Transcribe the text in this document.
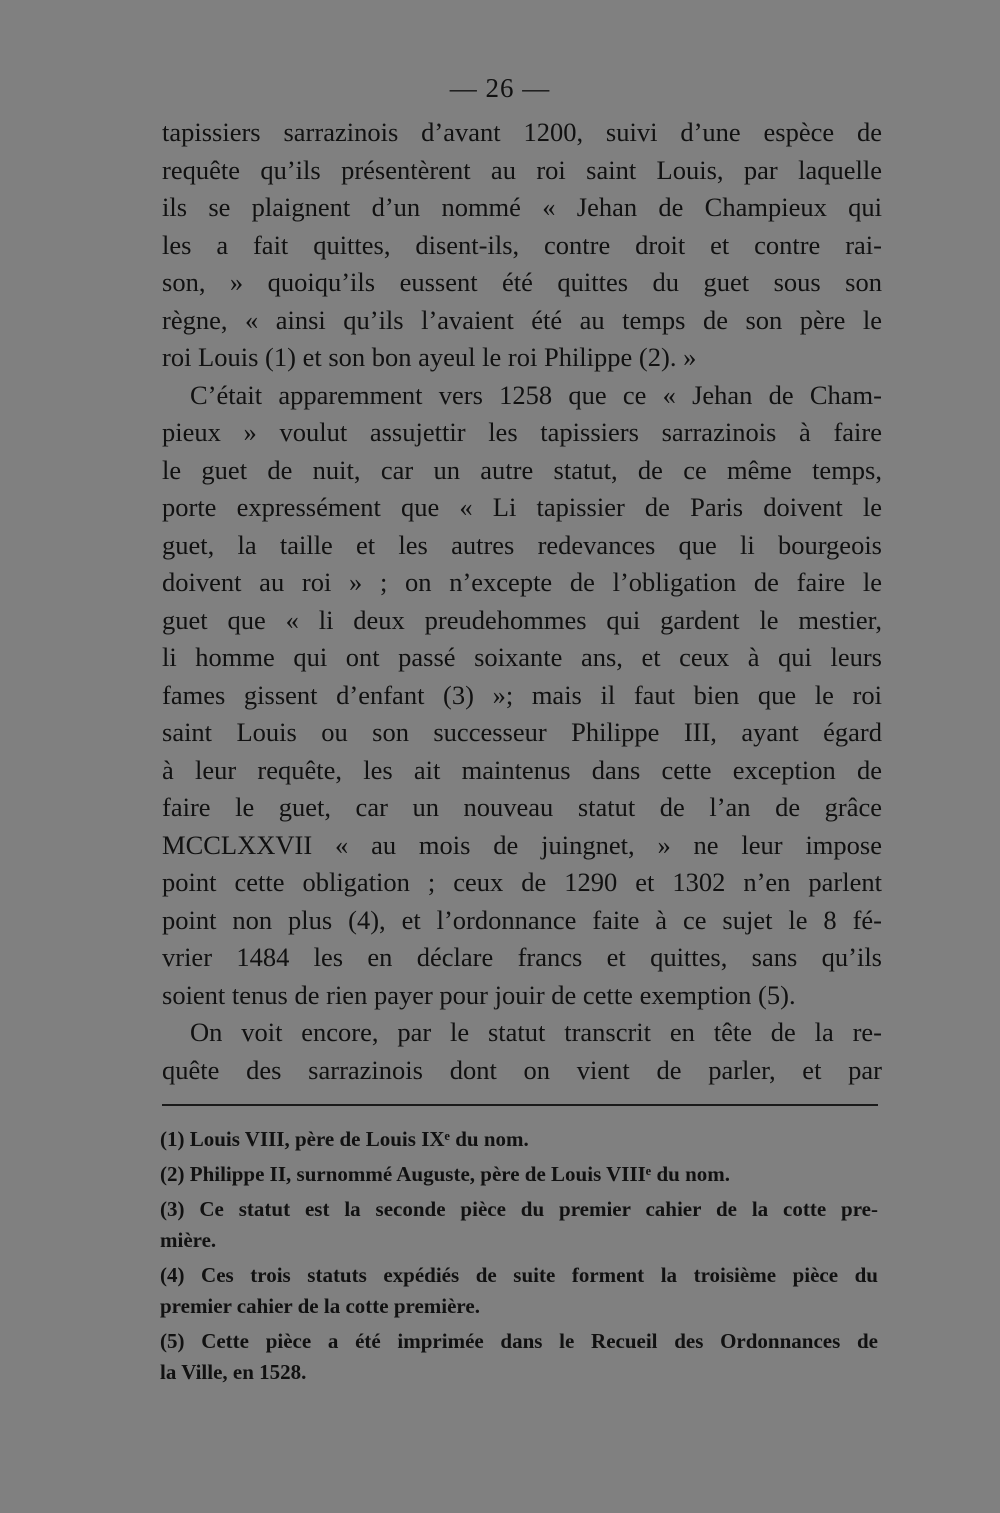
— 26 —
tapissiers sarrazinois d’avant 1200, suivi d’une espèce de
requête qu’ils présentèrent au roi saint Louis, par laquelle
ils se plaignent d’un nommé « Jehan de Champieux qui
les a fait quittes, disent-ils, contre droit et contre rai-
son, » quoiqu’ils eussent été quittes du guet sous son
règne, « ainsi qu’ils l’avaient été au temps de son père le
roi Louis (1) et son bon ayeul le roi Philippe (2). »
C’était apparemment vers 1258 que ce « Jehan de Cham-
pieux » voulut assujettir les tapissiers sarrazinois à faire
le guet de nuit, car un autre statut, de ce même temps,
porte expressément que « Li tapissier de Paris doivent le
guet, la taille et les autres redevances que li bourgeois
doivent au roi » ; on n’excepte de l’obligation de faire le
guet que « li deux preudehommes qui gardent le mestier,
li homme qui ont passé soixante ans, et ceux à qui leurs
fames gissent d’enfant (3) »; mais il faut bien que le roi
saint Louis ou son successeur Philippe III, ayant égard
à leur requête, les ait maintenus dans cette exception de
faire le guet, car un nouveau statut de l’an de grâce
MCCLXXVII « au mois de juingnet, » ne leur impose
point cette obligation ; ceux de 1290 et 1302 n’en parlent
point non plus (4), et l’ordonnance faite à ce sujet le 8 fé-
vrier 1484 les en déclare francs et quittes, sans qu’ils
soient tenus de rien payer pour jouir de cette exemption (5).
On voit encore, par le statut transcrit en tête de la re-
quête des sarrazinois dont on vient de parler, et par
(1) Louis VIII, père de Louis IXᵉ du nom.
(2) Philippe II, surnommé Auguste, père de Louis VIIIᵉ du nom.
(3) Ce statut est la seconde pièce du premier cahier de la cotte pre-
mière.
(4) Ces trois statuts expédiés de suite forment la troisième pièce du
premier cahier de la cotte première.
(5) Cette pièce a été imprimée dans le Recueil des Ordonnances de
la Ville, en 1528.
